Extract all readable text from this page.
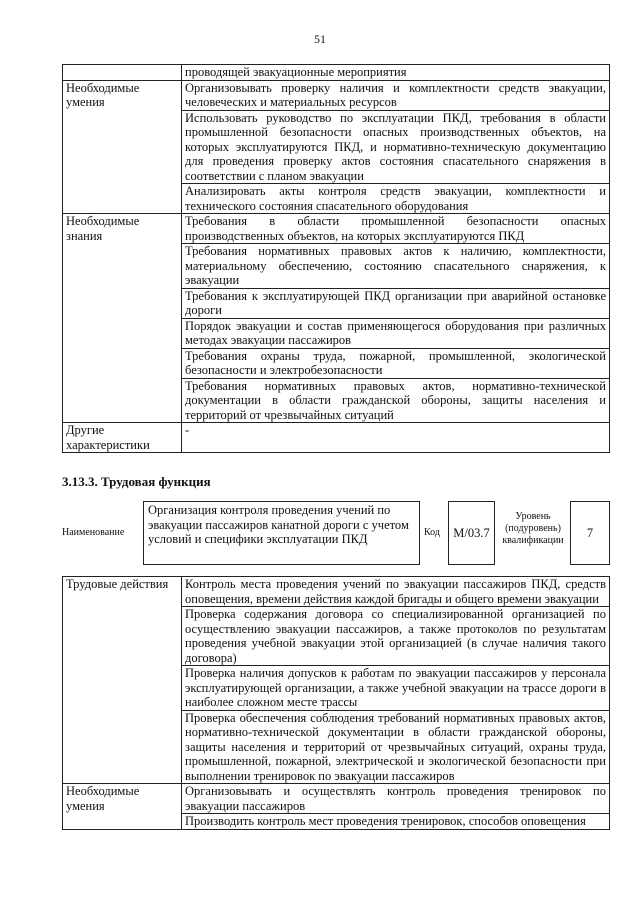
51
	проводящей эвакуационные мероприятия
Необходимые умения	Организовывать проверку наличия и комплектности средств эвакуации, человеческих и материальных ресурсов
	Использовать руководство по эксплуатации ПКД, требования в области промышленной безопасности опасных производственных объектов, на которых эксплуатируются ПКД, и нормативно-техническую документацию для проведения проверку актов состояния спасательного снаряжения в соответствии с планом эвакуации
	Анализировать акты контроля средств эвакуации, комплектности и технического состояния спасательного оборудования
Необходимые знания	Требования в области промышленной безопасности опасных производственных объектов, на которых эксплуатируются ПКД
	Требования нормативных правовых актов к наличию, комплектности, материальному обеспечению, состоянию спасательного снаряжения, к эвакуации
	Требования к эксплуатирующей ПКД организации при аварийной остановке дороги
	Порядок эвакуации и состав применяющегося оборудования при различных методах эвакуации пассажиров
	Требования охраны труда, пожарной, промышленной, экологической безопасности и электробезопасности
	Требования нормативных правовых актов, нормативно-технической документации в области гражданской обороны, защиты населения и территорий от чрезвычайных ситуаций
Другие характеристики	-
3.13.3. Трудовая функция
Наименование
Организация контроля проведения учений по эвакуации пассажиров канатной дороги с учетом условий и специфики эксплуатации ПКД	Код	М/03.7
Уровень
(подуровень)
квалификации
7
Трудовые действия	Контроль места проведения учений по эвакуации пассажиров ПКД, средств оповещения, времени действия каждой бригады и общего времени эвакуации
	Проверка содержания договора со специализированной организацией по осуществлению эвакуации пассажиров, а также протоколов по результатам проведения учебной эвакуации этой организацией (в случае наличия такого договора)
	Проверка наличия допусков к работам по эвакуации пассажиров у персонала эксплуатирующей организации, а также учебной эвакуации на трассе дороги в наиболее сложном месте трассы
	Проверка обеспечения соблюдения требований нормативных правовых актов, нормативно-технической документации в области гражданской обороны, защиты населения и территорий от чрезвычайных ситуаций, охраны труда, промышленной, пожарной, электрической и экологической безопасности при выполнении тренировок по эвакуации пассажиров
Необходимые умения	Организовывать и осуществлять контроль проведения тренировок по эвакуации пассажиров
	Производить контроль мест проведения тренировок, способов оповещения
